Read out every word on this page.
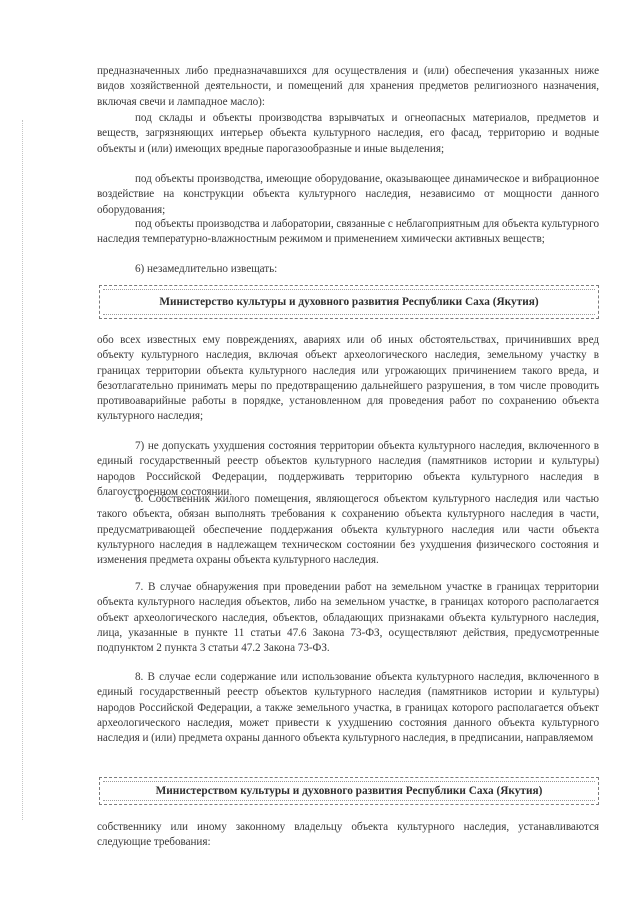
предназначенных либо предназначавшихся для осуществления и (или) обеспечения указанных ниже видов хозяйственной деятельности, и помещений для хранения предметов религиозного назначения, включая свечи и лампадное масло):

под склады и объекты производства взрывчатых и огнеопасных материалов, предметов и веществ, загрязняющих интерьер объекта культурного наследия, его фасад, территорию и водные объекты и (или) имеющих вредные парогазообразные и иные выделения;

под объекты производства, имеющие оборудование, оказывающее динамическое и вибрационное воздействие на конструкции объекта культурного наследия, независимо от мощности данного оборудования;

под объекты производства и лаборатории, связанные с неблагоприятным для объекта культурного наследия температурно-влажностным режимом и применением химически активных веществ;

6) незамедлительно извещать:

Министерство культуры и духовного развития Республики Саха (Якутия)

обо всех известных ему повреждениях, авариях или об иных обстоятельствах, причинивших вред объекту культурного наследия, включая объект археологического наследия, земельному участку в границах территории объекта культурного наследия или угрожающих причинением такого вреда, и безотлагательно принимать меры по предотвращению дальнейшего разрушения, в том числе проводить противоаварийные работы в порядке, установленном для проведения работ по сохранению объекта культурного наследия;

7) не допускать ухудшения состояния территории объекта культурного наследия, включенного в единый государственный реестр объектов культурного наследия (памятников истории и культуры) народов Российской Федерации, поддерживать территорию объекта культурного наследия в благоустроенном состоянии.

6. Собственник жилого помещения, являющегося объектом культурного наследия или частью такого объекта, обязан выполнять требования к сохранению объекта культурного наследия в части, предусматривающей обеспечение поддержания объекта культурного наследия или части объекта культурного наследия в надлежащем техническом состоянии без ухудшения физического состояния и изменения предмета охраны объекта культурного наследия.

7. В случае обнаружения при проведении работ на земельном участке в границах территории объекта культурного наследия объектов, либо на земельном участке, в границах которого располагается объект археологического наследия, объектов, обладающих признаками объекта культурного наследия, лица, указанные в пункте 11 статьи 47.6 Закона 73-ФЗ, осуществляют действия, предусмотренные подпунктом 2 пункта 3 статьи 47.2 Закона 73-ФЗ.

8. В случае если содержание или использование объекта культурного наследия, включенного в единый государственный реестр объектов культурного наследия (памятников истории и культуры) народов Российской Федерации, а также земельного участка, в границах которого располагается объект археологического наследия, может привести к ухудшению состояния данного объекта культурного наследия и (или) предмета охраны данного объекта культурного наследия, в предписании, направляемом

Министерством культуры и духовного развития Республики Саха (Якутия)

собственнику или иному законному владельцу объекта культурного наследия, устанавливаются следующие требования:
